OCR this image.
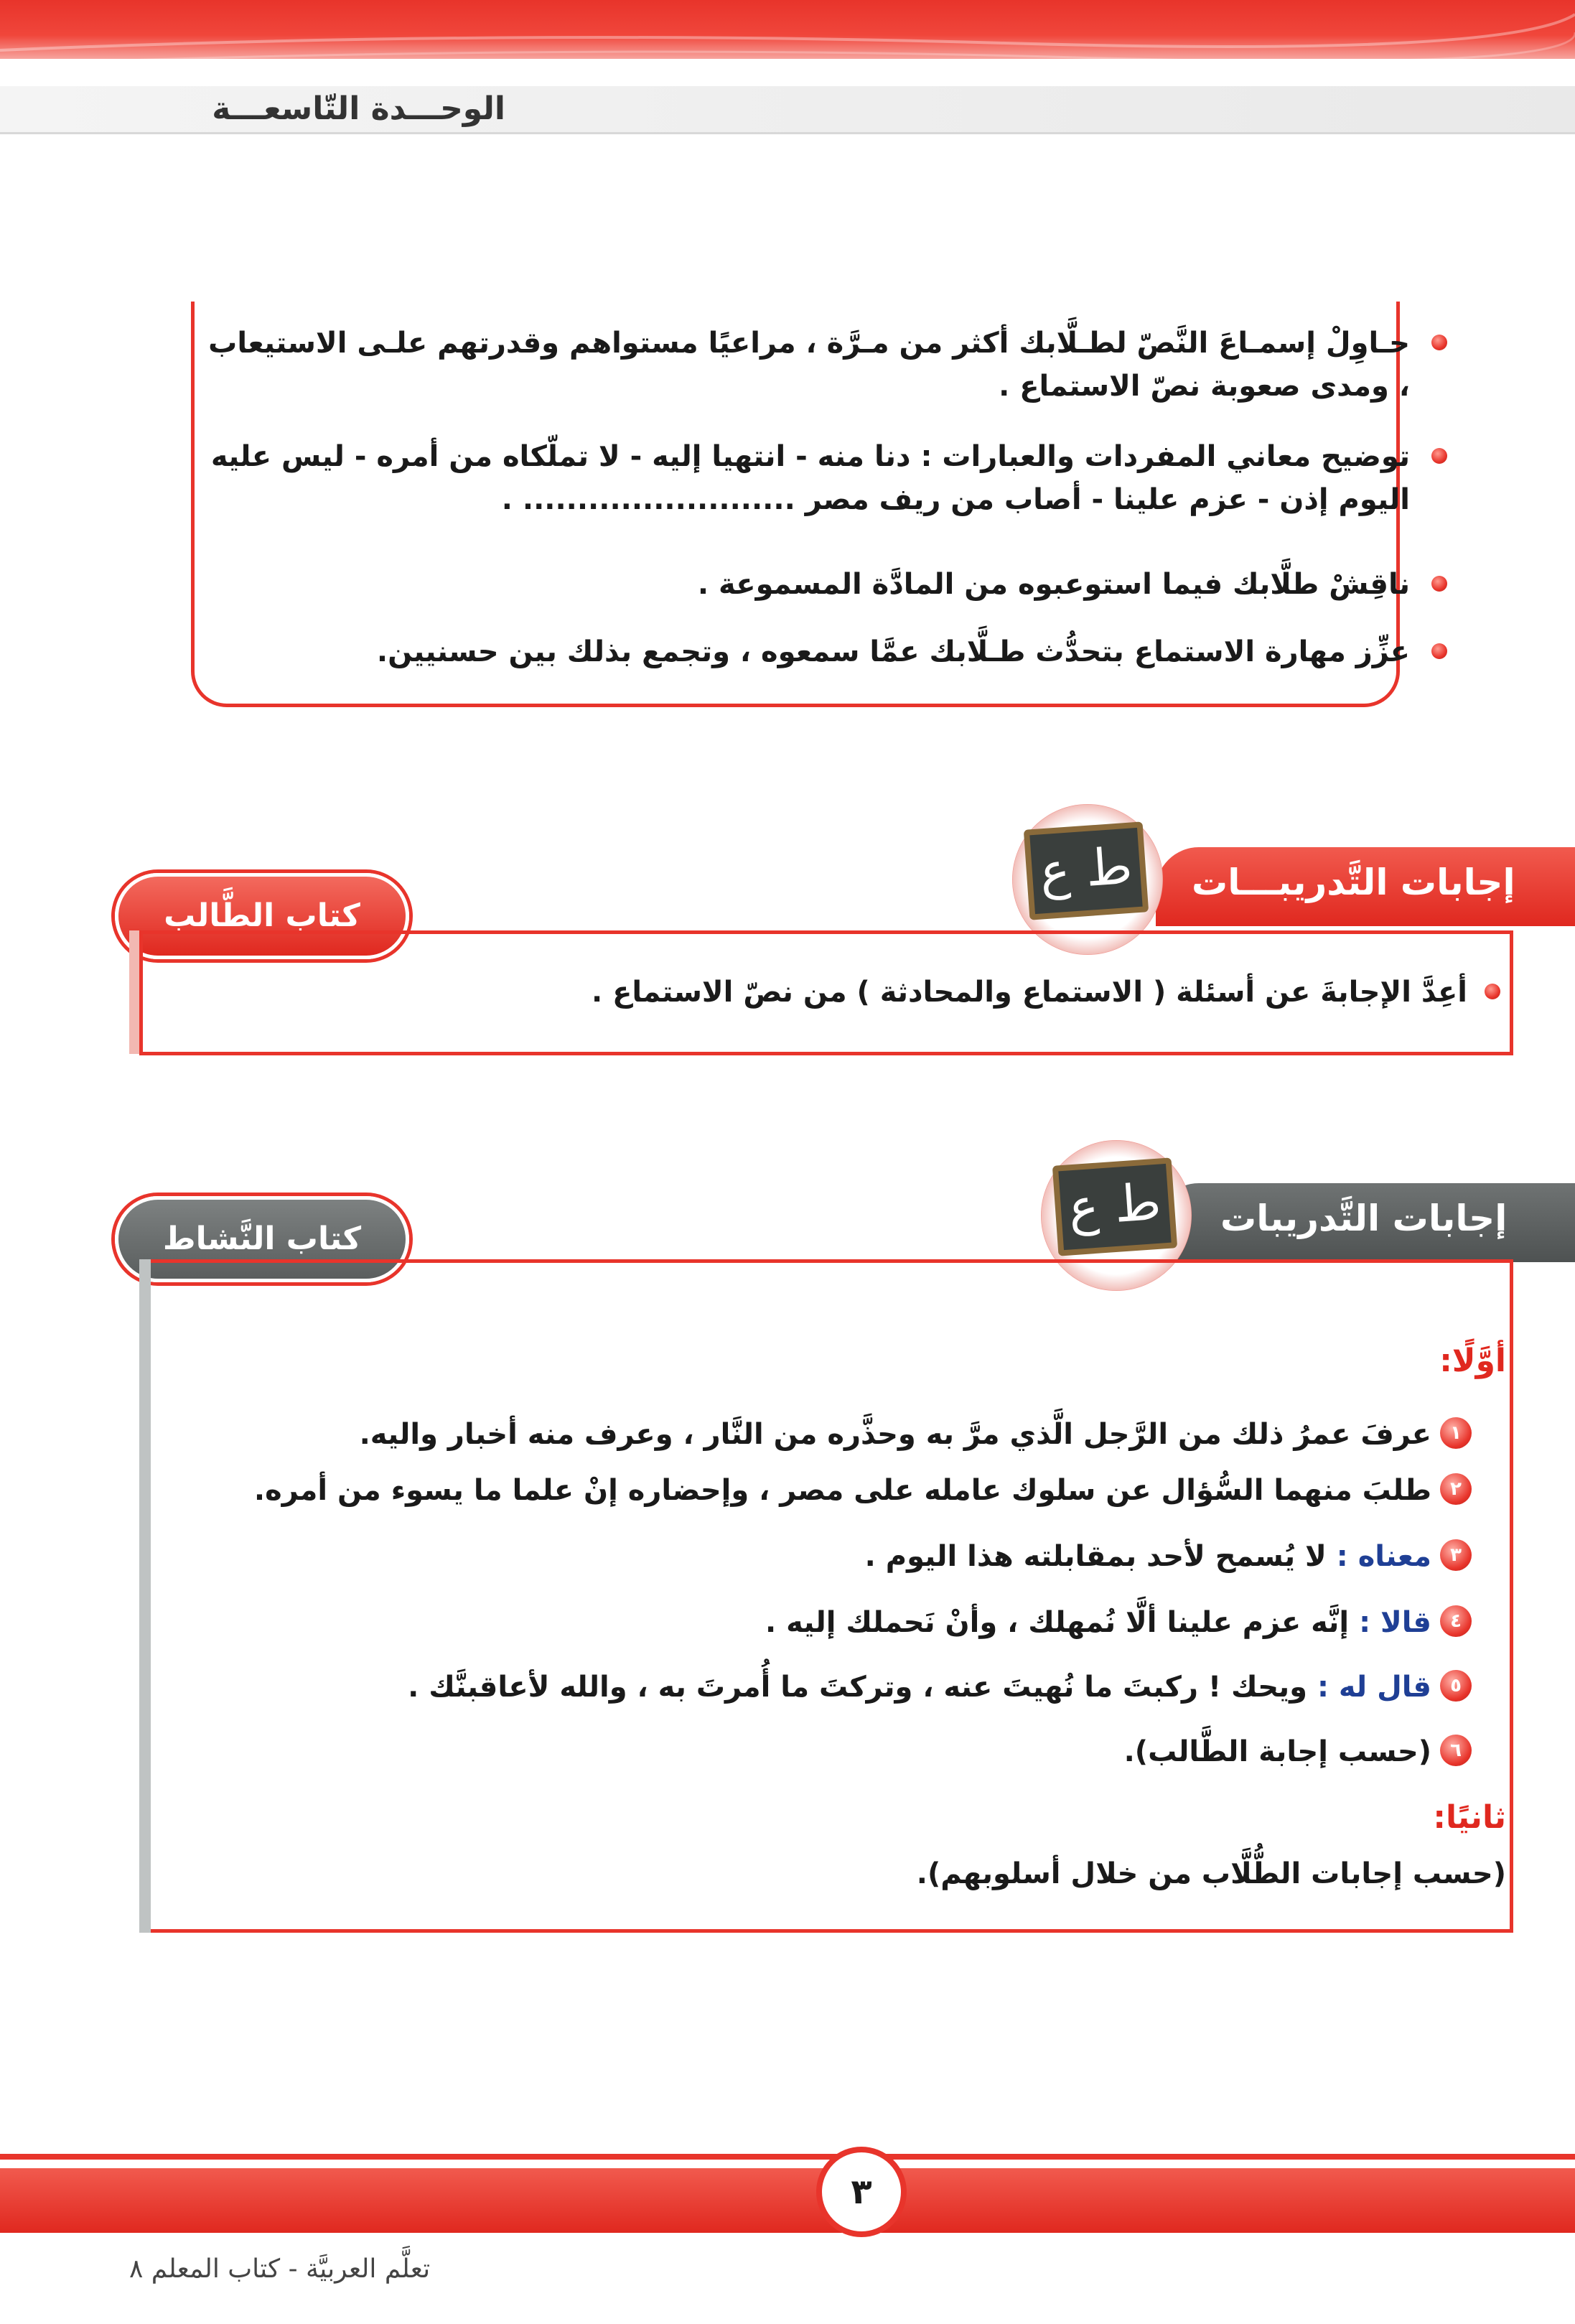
الوحـــدة التّاسعـــة
حـاوِلْ إسمـاعَ النَّصّ لطـلَّابك أكثر من مـرَّة ، مراعيًا مستواهم وقدرتهم علـى الاستيعاب ، ومدى صعوبة نصّ الاستماع .
توضيح معاني المفردات والعبارات : دنا منه - انتهيا إليه - لا تملّكاه من أمره - ليس عليه اليوم إذن - عزم علينا - أصاب من ريف مصر ......................... .
ناقِشْ طلَّابك فيما استوعبوه من المادَّة المسموعة .
عزِّز مهارة الاستماع بتحدُّث طـلَّابك عمَّا سمعوه ، وتجمع بذلك بين حسنيين.
إجابات التَّدريبـــات
ط ع
كتاب الطَّالب
أعِدَّ الإجابةَ عن أسئلة ( الاستماع والمحادثة ) من نصّ الاستماع .
إجابات التَّدريبات
ط ع
كتاب النَّشاط
أوَّلًا:
١
عرفَ عمرُ ذلك من الرَّجل الَّذي مرَّ به وحذَّره من النَّار ، وعرف منه أخبار واليه.
٢
طلبَ منهما السُّؤال عن سلوك عامله على مصر ، وإحضاره إنْ علما ما يسوء من أمره.
٣
معناه : لا يُسمح لأحد بمقابلته هذا اليوم .
٤
قالا : إنَّه عزم علينا ألَّا نُمهلك ، وأنْ نَحملك إليه .
٥
قال له : ويحك ! ركبتَ ما نُهيتَ عنه ، وتركتَ ما أُمرتَ به ، والله لأعاقبنَّك .
٦
(حسب إجابة الطَّالب).
ثانيًا:
(حسب إجابات الطُّلَّاب من خلال أسلوبهم).
٣
تعلَّم العربيَّة - كتاب المعلم ٨
